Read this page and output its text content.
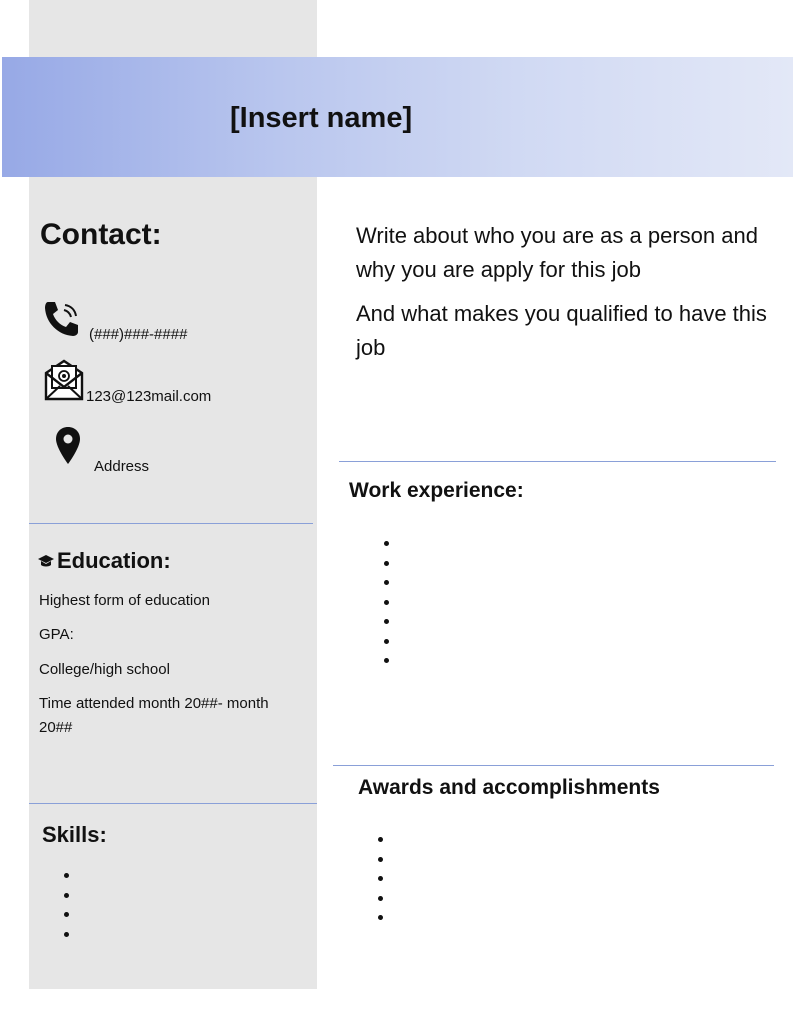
[Insert name]
Contact:
(###)###-####
123@123mail.com
Address
Education:
Highest form of education
GPA:
College/high school
Time attended month 20##- month 20##
Skills:
Write about who you are as a person and why you are apply for this job
And what makes you qualified to have this job
Work experience:
Awards and accomplishments
